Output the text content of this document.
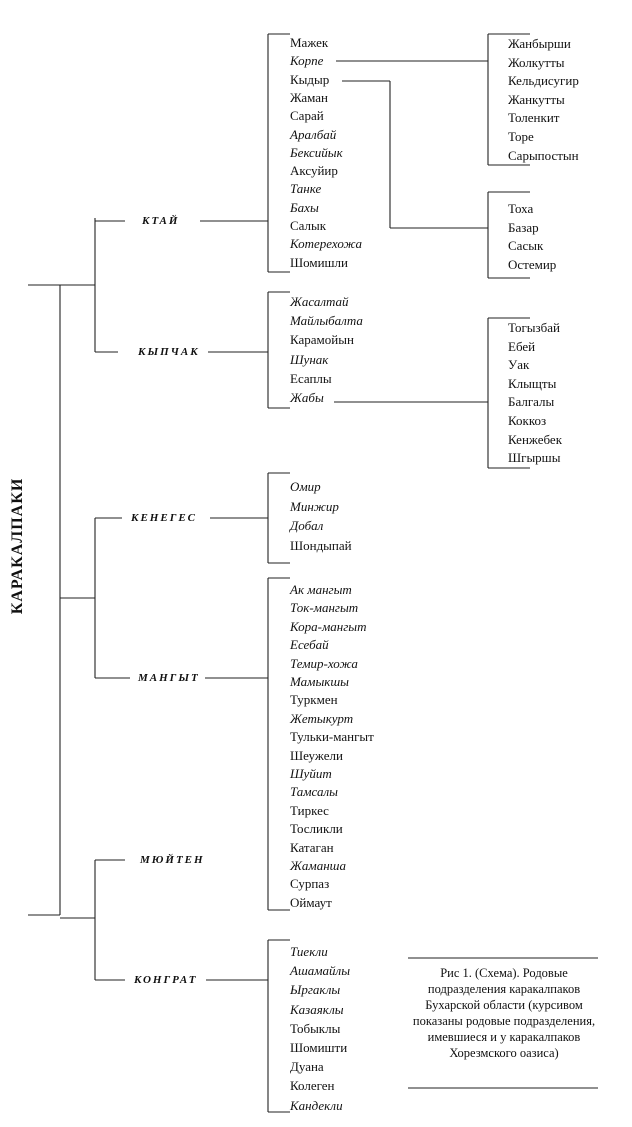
КАРАКАЛПАКИ
КТАЙ
КЫПЧАК
КЕНЕГЕС
МАНГЫТ
МЮЙТЕН
КОНГРАТ
Мажек
Корпе
Кыдыр
Жаман
Сарай
Аралбай
Бексийык
Аксуйир
Танке
Бахы
Салык
Котерехожа
Шомишли
Жасалтай
Майлыбалта
Карамойын
Шунак
Есаплы
Жабы
Омир
Минжир
Добал
Шондыпай
Ак мангыт
Ток-мангыт
Кора-мангыт
Есебай
Темир-хожа
Мамыкшы
Туркмен
Жетыкурт
Тульки-мангыт
Шеужели
Шуйит
Тамсалы
Тиркес
Тосликли
Катаган
Жаманша
Сурпаз
Оймаут
Тиекли
Ашамайлы
Ыргаклы
Казаяклы
Тобыклы
Шомишти
Дуана
Колеген
Кандекли
Жанбырши
Жолкутты
Кельдисугир
Жанкутты
Толенкит
Торе
Сарыпостын
Тоха
Базар
Сасык
Остемир
Тогызбай
Ебей
Уак
Клыщты
Балгалы
Коккоз
Кенжебек
Шгыршы
Рис 1. (Схема). Родовые подразделения каракалпаков Бухарской области (курсивом показаны родовые подразделения, имевшиеся и у каракалпаков Хорезмского оазиса)
